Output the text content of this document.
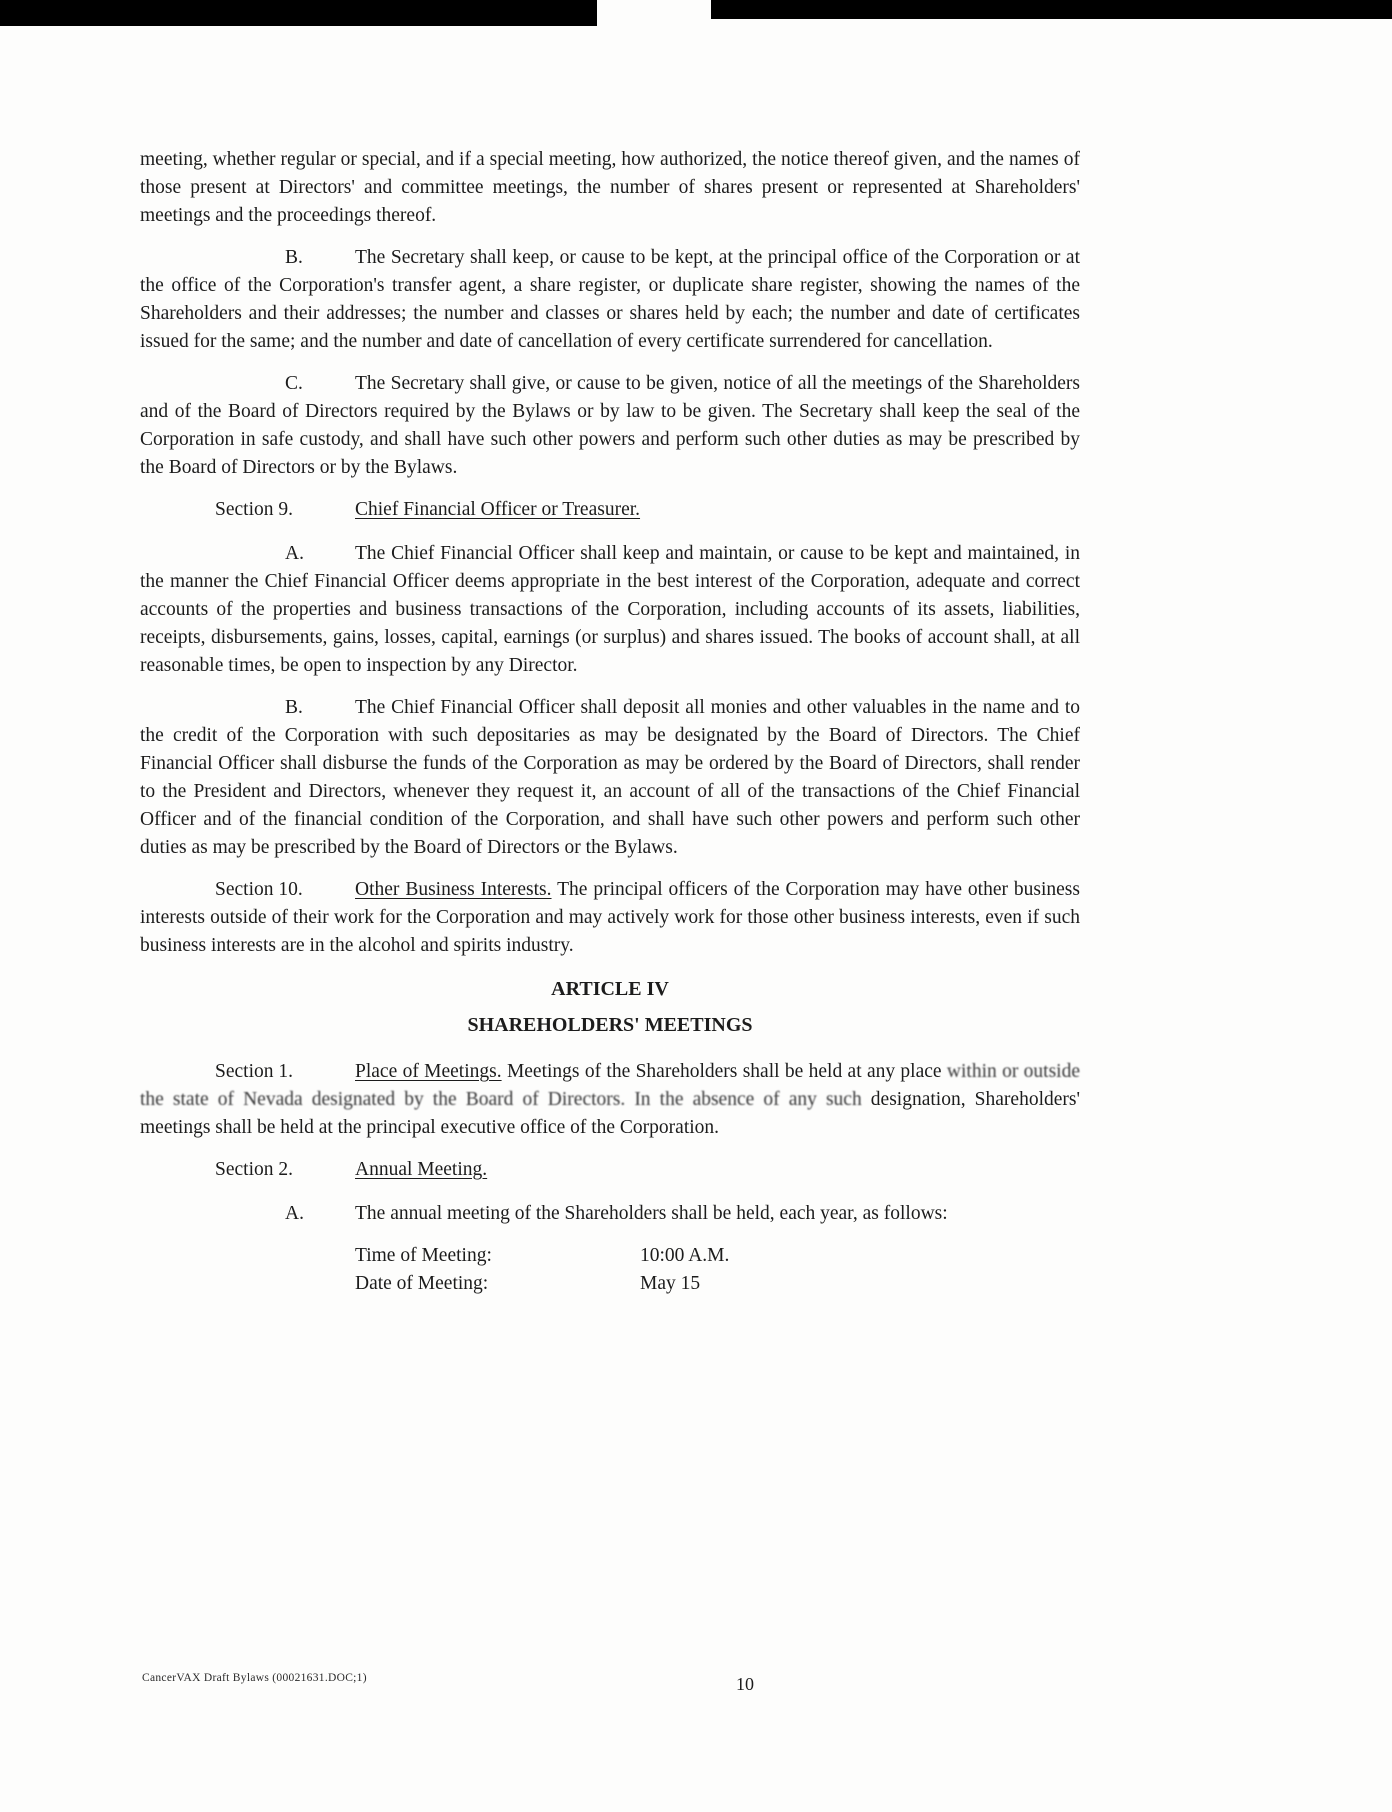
meeting, whether regular or special, and if a special meeting, how authorized, the notice thereof given, and the names of those present at Directors' and committee meetings, the number of shares present or represented at Shareholders' meetings and the proceedings thereof.

B.	The Secretary shall keep, or cause to be kept, at the principal office of the Corporation or at the office of the Corporation's transfer agent, a share register, or duplicate share register, showing the names of the Shareholders and their addresses; the number and classes or shares held by each; the number and date of certificates issued for the same; and the number and date of cancellation of every certificate surrendered for cancellation.

C.	The Secretary shall give, or cause to be given, notice of all the meetings of the Shareholders and of the Board of Directors required by the Bylaws or by law to be given. The Secretary shall keep the seal of the Corporation in safe custody, and shall have such other powers and perform such other duties as may be prescribed by the Board of Directors or by the Bylaws.

Section 9.	Chief Financial Officer or Treasurer.

A.	The Chief Financial Officer shall keep and maintain, or cause to be kept and maintained, in the manner the Chief Financial Officer deems appropriate in the best interest of the Corporation, adequate and correct accounts of the properties and business transactions of the Corporation, including accounts of its assets, liabilities, receipts, disbursements, gains, losses, capital, earnings (or surplus) and shares issued. The books of account shall, at all reasonable times, be open to inspection by any Director.

B.	The Chief Financial Officer shall deposit all monies and other valuables in the name and to the credit of the Corporation with such depositaries as may be designated by the Board of Directors. The Chief Financial Officer shall disburse the funds of the Corporation as may be ordered by the Board of Directors, shall render to the President and Directors, whenever they request it, an account of all of the transactions of the Chief Financial Officer and of the financial condition of the Corporation, and shall have such other powers and perform such other duties as may be prescribed by the Board of Directors or the Bylaws.

Section 10.	Other Business Interests. The principal officers of the Corporation may have other business interests outside of their work for the Corporation and may actively work for those other business interests, even if such business interests are in the alcohol and spirits industry.

ARTICLE IV

SHAREHOLDERS' MEETINGS

Section 1.	Place of Meetings. Meetings of the Shareholders shall be held at any place within or outside the state of Nevada designated by the Board of Directors. In the absence of any such designation, Shareholders' meetings shall be held at the principal executive office of the Corporation.

Section 2.	Annual Meeting.

A.	The annual meeting of the Shareholders shall be held, each year, as follows:

Time of Meeting:	10:00 A.M.
Date of Meeting:	May 15
CancerVAX Draft Bylaws (00021631.DOC;1)	10
